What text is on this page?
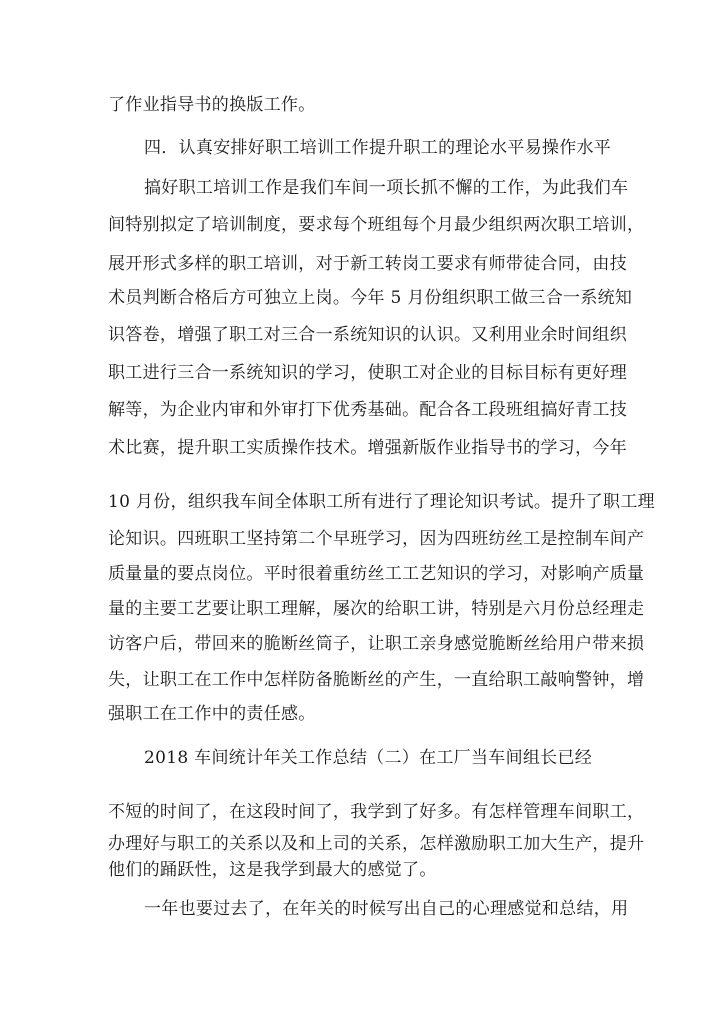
了作业指导书的换版工作。
四．认真安排好职工培训工作提升职工的理论水平易操作水平
搞好职工培训工作是我们车间一项长抓不懈的工作，为此我们车
间特别拟定了培训制度，要求每个班组每个月最少组织两次职工培训，
展开形式多样的职工培训，对于新工转岗工要求有师带徒合同，由技
术员判断合格后方可独立上岗。今年 5 月份组织职工做三合一系统知
识答卷，增强了职工对三合一系统知识的认识。又利用业余时间组织
职工进行三合一系统知识的学习，使职工对企业的目标目标有更好理
解等，为企业内审和外审打下优秀基础。配合各工段班组搞好青工技
术比赛，提升职工实质操作技术。增强新版作业指导书的学习，今年
10 月份，组织我车间全体职工所有进行了理论知识考试。提升了职工理
论知识。四班职工坚持第二个早班学习，因为四班纺丝工是控制车间产
质量量的要点岗位。平时很着重纺丝工工艺知识的学习，对影响产质量
量的主要工艺要让职工理解，屡次的给职工讲，特别是六月份总经理走
访客户后，带回来的脆断丝筒子，让职工亲身感觉脆断丝给用户带来损
失，让职工在工作中怎样防备脆断丝的产生，一直给职工敲响警钟，增
强职工在工作中的责任感。
2018 车间统计年关工作总结（二）在工厂当车间组长已经
不短的时间了，在这段时间了，我学到了好多。有怎样管理车间职工，
办理好与职工的关系以及和上司的关系，怎样激励职工加大生产，提升
他们的踊跃性，这是我学到最大的感觉了。
一年也要过去了，在年关的时候写出自己的心理感觉和总结，用
